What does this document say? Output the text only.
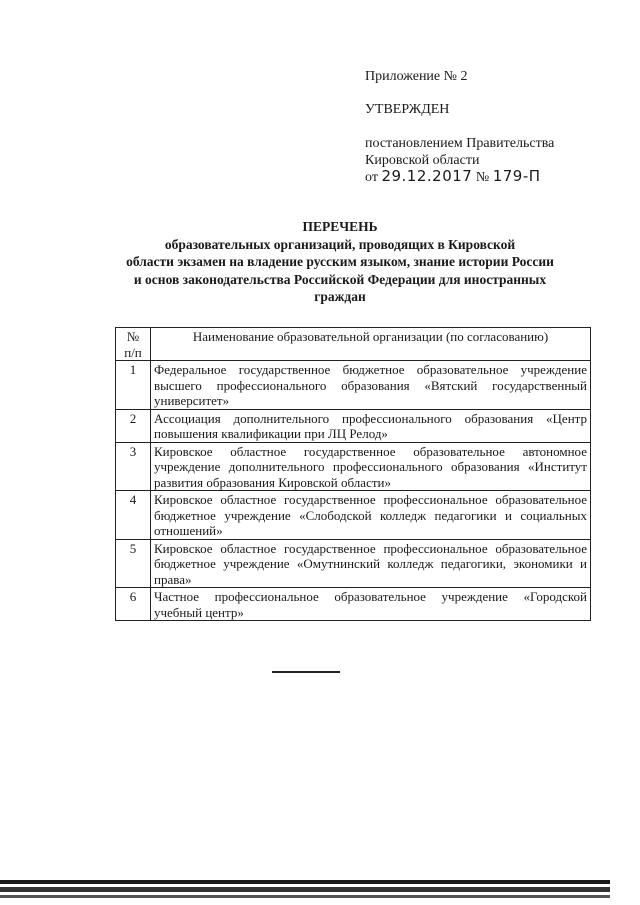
Приложение № 2
УТВЕРЖДЕН
постановлением Правительства
Кировской области
от 29.12.2017 № 179-П
ПЕРЕЧЕНЬ
образовательных организаций, проводящих в Кировской
области экзамен на владение русским языком, знание истории России
и основ законодательства Российской Федерации для иностранных
граждан
№
п/п	Наименование образовательной организации (по согласованию)
1	Федеральное государственное бюджетное образовательное учреждение высшего профессионального образования «Вятский государственный университет»
2	Ассоциация дополнительного профессионального образования «Центр повышения квалификации при ЛЦ Релод»
3	Кировское областное государственное образовательное автономное учреждение дополнительного профессионального образования «Институт развития образования Кировской области»
4	Кировское областное государственное профессиональное образовательное бюджетное учреждение «Слободской колледж педагогики и социальных отношений»
5	Кировское областное государственное профессиональное образовательное бюджетное учреждение «Омутнинский колледж педагогики, экономики и права»
6	Частное профессиональное образовательное учреждение «Городской учебный центр»
